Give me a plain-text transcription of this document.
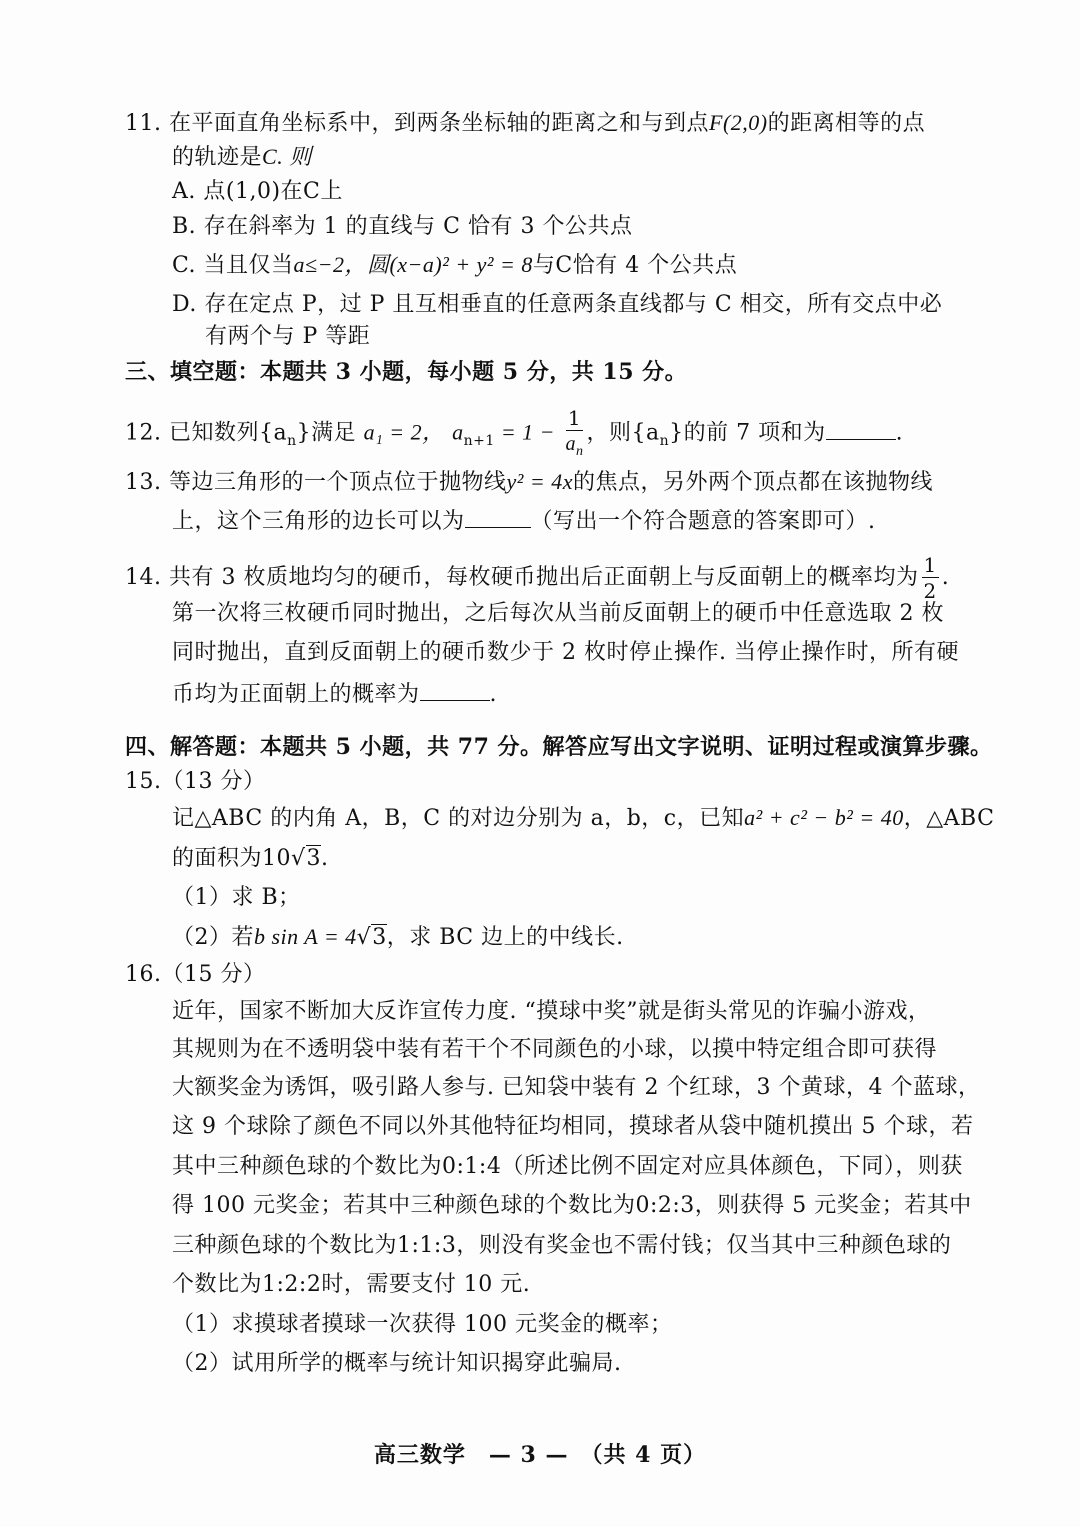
11. 在平面直角坐标系中，到两条坐标轴的距离之和与到点F(2,0)的距离相等的点
的轨迹是C. 则
A. 点(1,0)在C上
B. 存在斜率为 1 的直线与 C 恰有 3 个公共点
C. 当且仅当a≤−2，圆(x−a)² + y² = 8与C恰有 4 个公共点
D. 存在定点 P，过 P 且互相垂直的任意两条直线都与 C 相交，所有交点中必
有两个与 P 等距
三、填空题：本题共 3 小题，每小题 5 分，共 15 分。
12. 已知数列$\{a_n\}$满足 a₁ = 2， $a_{n+1} = 1 - \frac{1}{a_n}$ ，则$\{a_n\}$的前 7 项和为	.
13. 等边三角形的一个顶点位于抛物线y² = 4x的焦点，另外两个顶点都在该抛物线
上，这个三角形的边长可以为	（写出一个符合题意的答案即可）.
14. 共有 3 枚质地均匀的硬币，每枚硬币抛出后正面朝上与反面朝上的概率均为 $\frac{1}{2}$ .
第一次将三枚硬币同时抛出，之后每次从当前反面朝上的硬币中任意选取 2 枚
同时抛出，直到反面朝上的硬币数少于 2 枚时停止操作. 当停止操作时，所有硬
币均为正面朝上的概率为	.
四、解答题：本题共 5 小题，共 77 分。解答应写出文字说明、证明过程或演算步骤。
15.（13 分）
记△ABC 的内角 A，B，C 的对边分别为 a，b，c，已知a² + c² − b² = 40，△ABC
的面积为10√3.
（1）求 B；
（2）若b sin A = 4√3，求 BC 边上的中线长.
16.（15 分）
近年，国家不断加大反诈宣传力度. “摸球中奖”就是街头常见的诈骗小游戏，
其规则为在不透明袋中装有若干个不同颜色的小球，以摸中特定组合即可获得
大额奖金为诱饵，吸引路人参与. 已知袋中装有 2 个红球，3 个黄球，4 个蓝球，
这 9 个球除了颜色不同以外其他特征均相同，摸球者从袋中随机摸出 5 个球，若
其中三种颜色球的个数比为0:1:4（所述比例不固定对应具体颜色，下同），则获
得 100 元奖金；若其中三种颜色球的个数比为0:2:3，则获得 5 元奖金；若其中
三种颜色球的个数比为1:1:3，则没有奖金也不需付钱；仅当其中三种颜色球的
个数比为1:2:2时，需要支付 10 元.
（1）求摸球者摸球一次获得 100 元奖金的概率；
（2）试用所学的概率与统计知识揭穿此骗局.
高三数学　— 3 —　（共 4 页）
